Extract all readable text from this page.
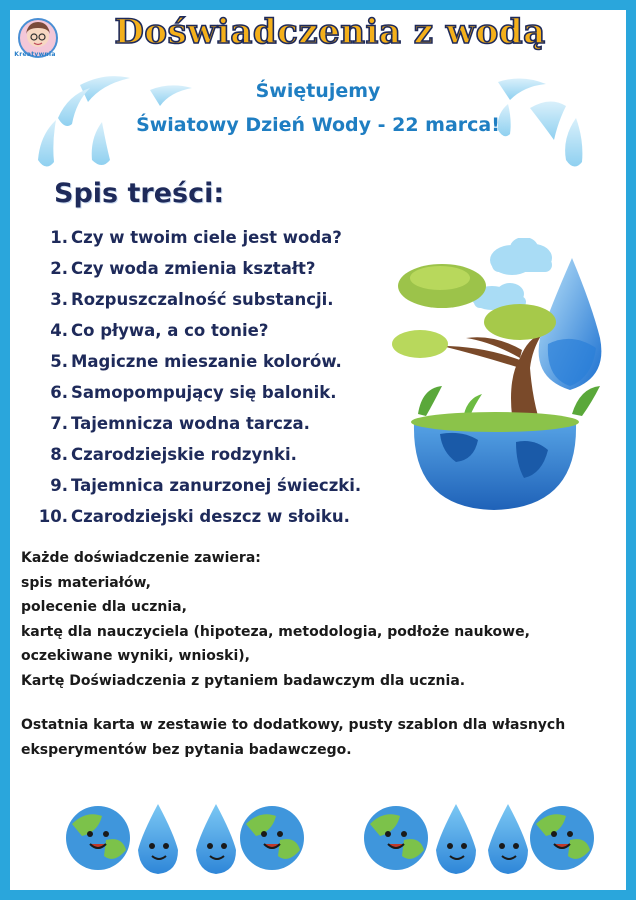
Kreatywnia
Doświadczenia z wodą
Świętujemy
Światowy Dzień Wody - 22 marca!
Spis treści:
1. Czy w twoim ciele jest woda?
2. Czy woda zmienia kształt?
3. Rozpuszczalność substancji.
4. Co pływa, a co tonie?
5. Magiczne mieszanie kolorów.
6. Samopompujący się balonik.
7. Tajemnicza wodna tarcza.
8. Czarodziejskie rodzynki.
9. Tajemnica zanurzonej świeczki.
10. Czarodziejski deszcz w słoiku.
Każde doświadczenie zawiera:
spis materiałów,
polecenie dla ucznia,
kartę dla nauczyciela (hipoteza, metodologia, podłoże naukowe,
oczekiwane wyniki, wnioski),
Kartę Doświadczenia z pytaniem badawczym dla ucznia.
Ostatnia karta w zestawie to dodatkowy, pusty szablon dla własnych
eksperymentów bez pytania badawczego.
